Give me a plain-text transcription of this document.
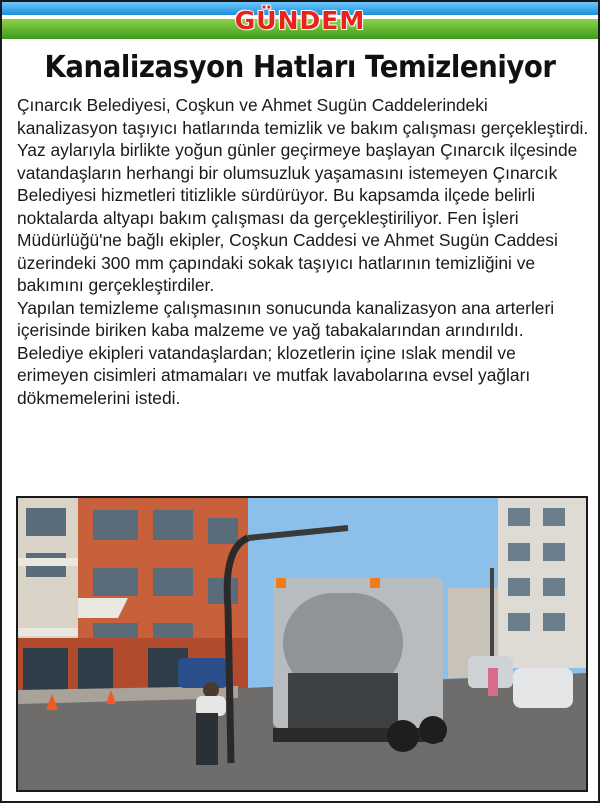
GÜNDEM
Kanalizasyon Hatları Temizleniyor

Çınarcık Belediyesi, Coşkun ve Ahmet Sugün Caddelerindeki kanalizasyon taşıyıcı hatlarında temizlik ve bakım çalışması gerçekleştirdi.

Yaz aylarıyla birlikte yoğun günler geçirmeye başlayan Çınarcık ilçesinde vatandaşların herhangi bir olumsuzluk yaşamasını istemeyen Çınarcık Belediyesi hizmetleri titizlikle sürdürüyor. Bu kapsamda ilçede belirli noktalarda altyapı bakım çalışması da gerçekleştiriliyor. Fen İşleri Müdürlüğü'ne bağlı ekipler, Coşkun Caddesi ve Ahmet Sugün Caddesi üzerindeki 300 mm çapındaki sokak taşıyıcı hatlarının temizliğini ve bakımını gerçekleştirdiler.

Yapılan temizleme çalışmasının sonucunda kanalizasyon ana arterleri içerisinde biriken kaba malzeme ve yağ tabakalarından arındırıldı.

Belediye ekipleri vatandaşlardan; klozetlerin içine ıslak mendil ve erimeyen cisimleri atmamaları ve mutfak lavabolarına evsel yağları dökmemelerini istedi.
